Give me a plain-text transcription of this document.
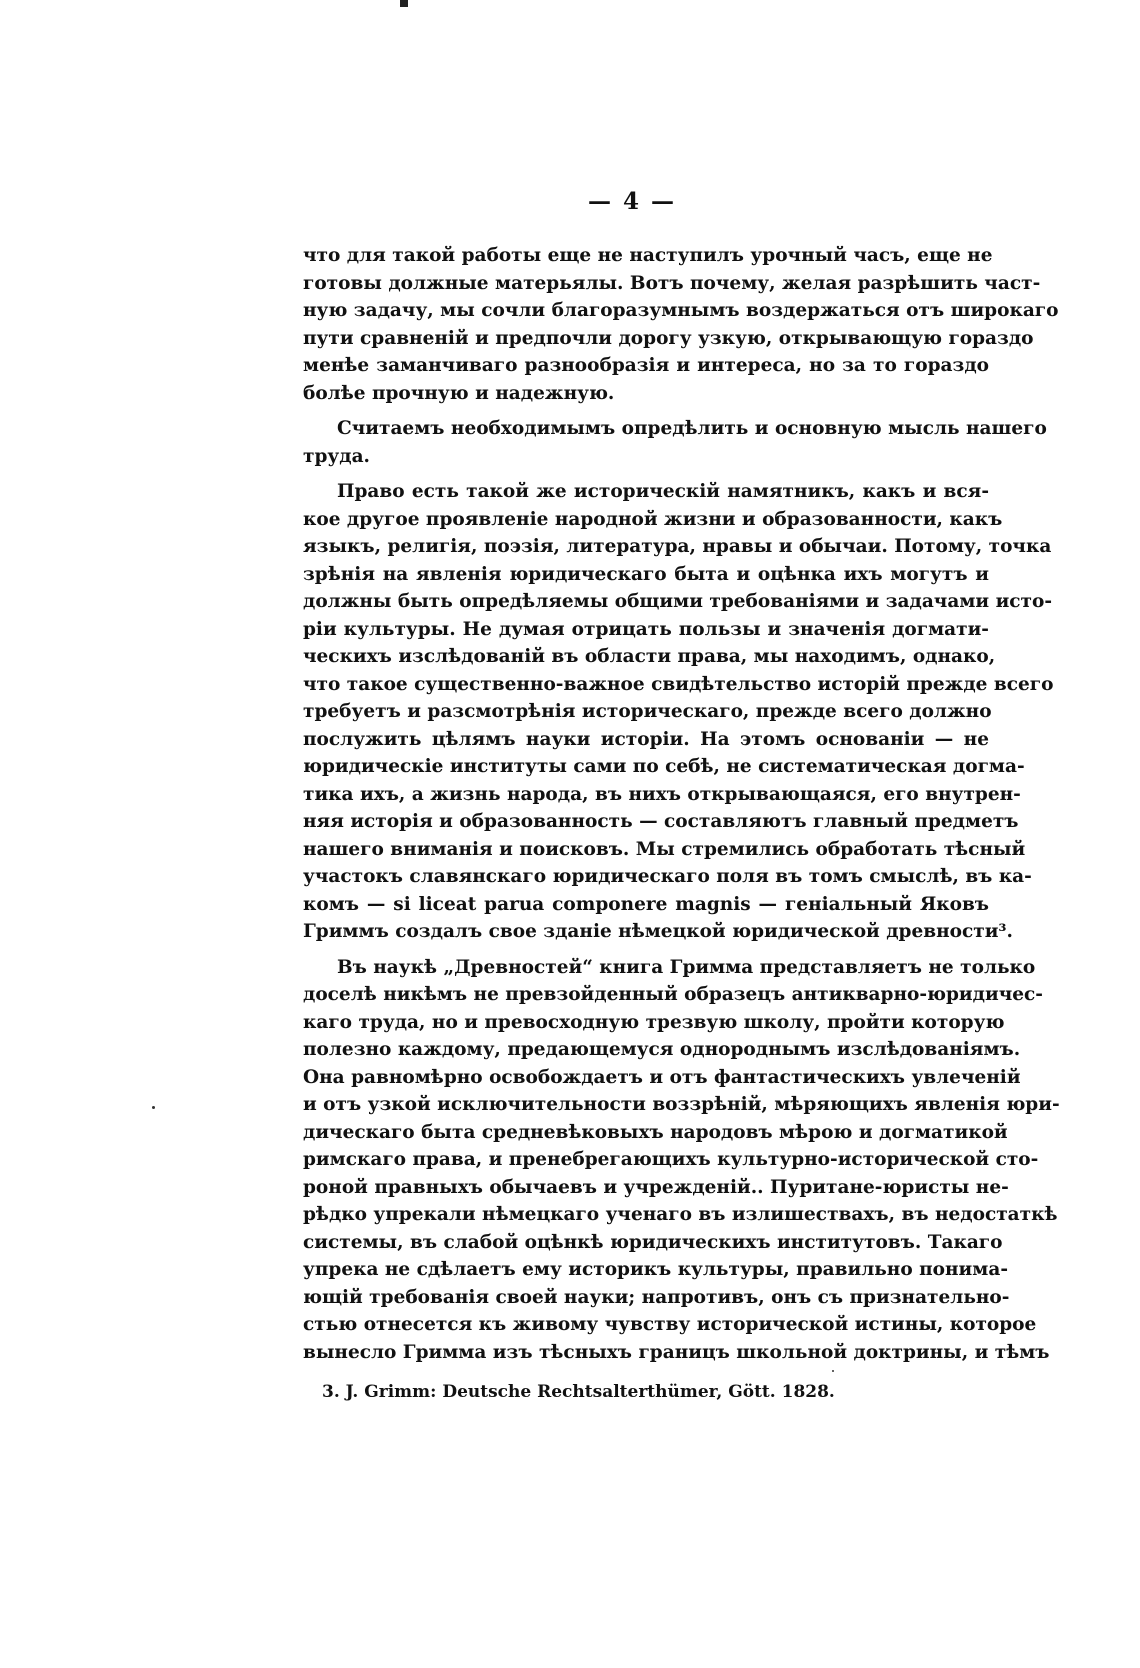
— 4 —
что для такой работы еще не наступилъ урочный часъ, еще не
готовы должные матерьялы. Вотъ почему, желая разрѣшить част-
ную задачу, мы сочли благоразумнымъ воздержаться отъ широкаго
пути сравненій и предпочли дорогу узкую, открывающую гораздо
менѣе заманчиваго разнообразія и интереса, но за то гораздо
болѣе прочную и надежную.
Считаемъ необходимымъ опредѣлить и основную мысль нашего
труда.
Право есть такой же историческій намятникъ, какъ и вся-
кое другое проявленіе народной жизни и образованности, какъ
языкъ, религія, поэзія, литература, нравы и обычаи. Потому, точка
зрѣнія на явленія юридическаго быта и оцѣнка ихъ могутъ и
должны быть опредѣляемы общими требованіями и задачами исто-
ріи культуры. Не думая отрицать пользы и значенія догмати-
ческихъ изслѣдованій въ области права, мы находимъ, однако,
что такое существенно-важное свидѣтельство исторій прежде всего
требуетъ и разсмотрѣнія историческаго, прежде всего должно
послужить цѣлямъ науки исторіи. На этомъ основаніи — не
юридическіе институты сами по себѣ, не систематическая догма-
тика ихъ, а жизнь народа, въ нихъ открывающаяся, его внутрен-
няя исторія и образованность — составляютъ главный предметъ
нашего вниманія и поисковъ. Мы стремились обработать тѣсный
участокъ славянскаго юридическаго поля въ томъ смыслѣ, въ ка-
комъ — si liceat parua componere magnis — геніальный Яковъ
Гриммъ создалъ свое зданіе нѣмецкой юридической древности³.
Въ наукѣ „Древностей“ книга Гримма представляетъ не только
доселѣ никѣмъ не превзойденный образецъ антикварно-юридичес-
каго труда, но и превосходную трезвую школу, пройти которую
полезно каждому, предающемуся однороднымъ изслѣдованіямъ.
Она равномѣрно освобождаетъ и отъ фантастическихъ увлеченій
и отъ узкой исключительности воззрѣній, мѣряющихъ явленія юри-
дическаго быта средневѣковыхъ народовъ мѣрою и догматикой
римскаго права, и пренебрегающихъ культурно-исторической сто-
роной правныхъ обычаевъ и учрежденій.. Пуритане-юристы не-
рѣдко упрекали нѣмецкаго ученаго въ излишествахъ, въ недостаткѣ
системы, въ слабой оцѣнкѣ юридическихъ институтовъ. Такаго
упрека не сдѣлаетъ ему историкъ культуры, правильно понима-
ющій требованія своей науки; напротивъ, онъ съ признательно-
стью отнесется къ живому чувству исторической истины, которое
вынесло Гримма изъ тѣсныхъ границъ школьной доктрины, и тѣмъ
3. J. Grimm: Deutsche Rechtsalterthümer, Gött. 1828.
